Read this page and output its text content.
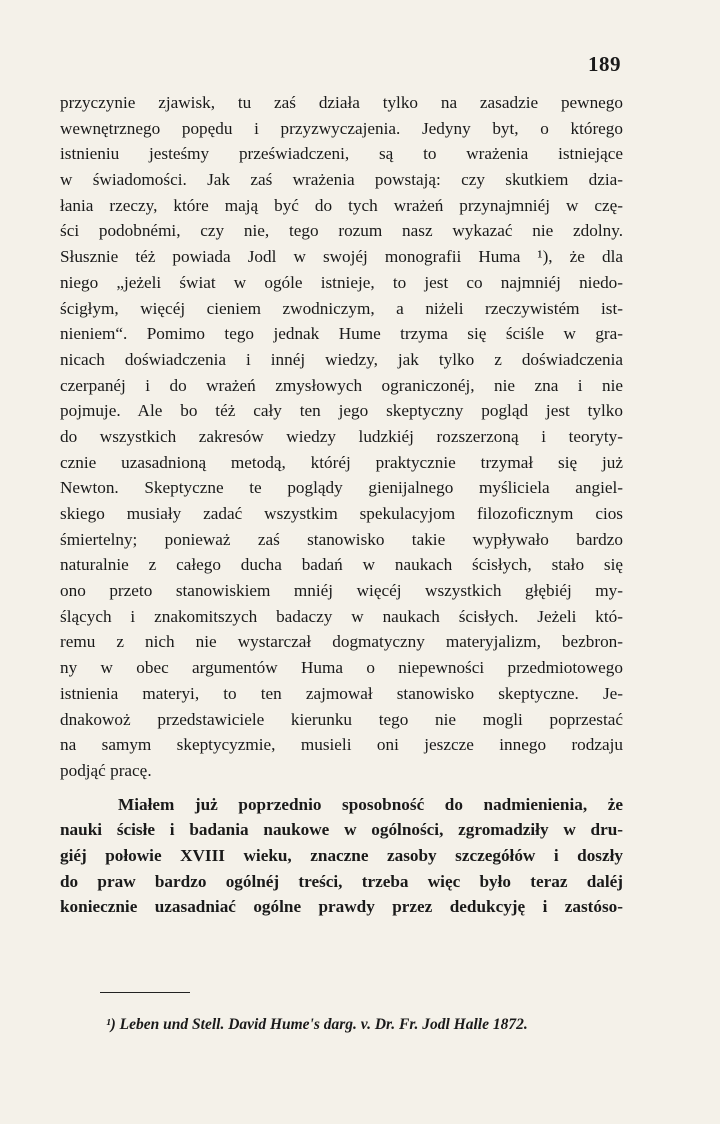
189
przyczynie zjawisk, tu zaś działa tylko na zasadzie pewnego
wewnętrznego popędu i przyzwyczajenia. Jedyny byt, o którego
istnieniu jesteśmy przeświadczeni, są to wrażenia istniejące
w świadomości. Jak zaś wrażenia powstają: czy skutkiem dzia-
łania rzeczy, które mają być do tych wrażeń przynajmniéj w czę-
ści podobnémi, czy nie, tego rozum nasz wykazać nie zdolny.
Słusznie téż powiada Jodl w swojéj monografii Huma ¹), że dla
niego „jeżeli świat w ogóle istnieje, to jest co najmniéj niedo-
ścigłym, więcéj cieniem zwodniczym, a niżeli rzeczywistém ist-
nieniem“. Pomimo tego jednak Hume trzyma się ściśle w gra-
nicach doświadczenia i innéj wiedzy, jak tylko z doświadczenia
czerpanéj i do wrażeń zmysłowych ograniczonéj, nie zna i nie
pojmuje. Ale bo téż cały ten jego skeptyczny pogląd jest tylko
do wszystkich zakresów wiedzy ludzkiéj rozszerzoną i teoryty-
cznie uzasadnioną metodą, któréj praktycznie trzymał się już
Newton. Skeptyczne te poglądy gienijalnego myśliciela angiel-
skiego musiały zadać wszystkim spekulacyjom filozoficznym cios
śmiertelny; ponieważ zaś stanowisko takie wypływało bardzo
naturalnie z całego ducha badań w naukach ścisłych, stało się
ono przeto stanowiskiem mniéj więcéj wszystkich głębiéj my-
ślących i znakomitszych badaczy w naukach ścisłych. Jeżeli któ-
remu z nich nie wystarczał dogmatyczny materyjalizm, bezbron-
ny w obec argumentów Huma o niepewności przedmiotowego
istnienia materyi, to ten zajmował stanowisko skeptyczne. Je-
dnakowoż przedstawiciele kierunku tego nie mogli poprzestać
na samym skeptycyzmie, musieli oni jeszcze innego rodzaju
podjąć pracę.
Miałem już poprzednio sposobność do nadmienienia, że
nauki ścisłe i badania naukowe w ogólności, zgromadziły w dru-
giéj połowie XVIII wieku, znaczne zasoby szczegółów i doszły
do praw bardzo ogólnéj treści, trzeba więc było teraz daléj
koniecznie uzasadniać ogólne prawdy przez dedukcyję i zastóso-
¹) Leben und Stell. David Hume's darg. v. Dr. Fr. Jodl Halle 1872.
